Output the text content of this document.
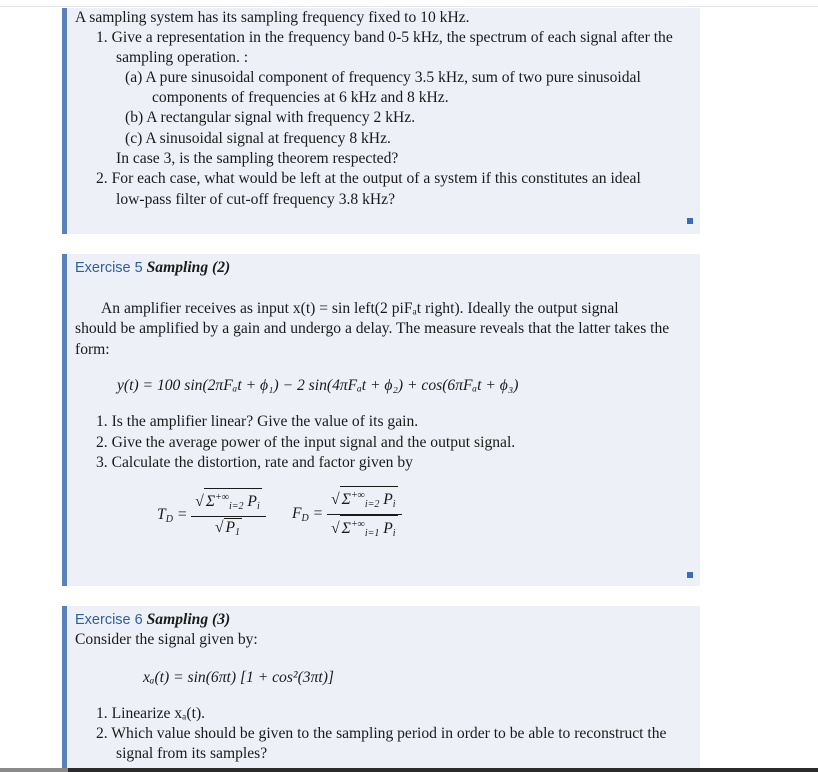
A sampling system has its sampling frequency fixed to 10 kHz.
1. Give a representation in the frequency band 0-5 kHz, the spectrum of each signal after the
sampling operation. :
(a) A pure sinusoidal component of frequency 3.5 kHz, sum of two pure sinusoidal
components of frequencies at 6 kHz and 8 kHz.
(b) A rectangular signal with frequency 2 kHz.
(c) A sinusoidal signal at frequency 8 kHz.
In case 3, is the sampling theorem respected?
2. For each case, what would be left at the output of a system if this constitutes an ideal
low-pass filter of cut-off frequency 3.8 kHz?
Exercise 5 Sampling (2)
An amplifier receives as input x(t) = sin left(2 piFₐt right). Ideally the output signal
should be amplified by a gain and undergo a delay. The measure reveals that the latter takes the
form:
y(t) = 100 sin(2πFₐt + ϕ₁) − 2 sin(4πFₐt + ϕ₂) + cos(6πFₐt + ϕ₃)
1. Is the amplifier linear? Give the value of its gain.
2. Give the average power of the input signal and the output signal.
3. Calculate the distortion, rate and factor given by
$T_D = \frac{√ \Sigma^{+\infty}_{i=2} P_i}{√ P_1} F_D = \frac{√ \Sigma^{+\infty}_{i=2} P_i}{√ \Sigma^{+\infty}_{i=1} P_i}$
Exercise 6 Sampling (3)
Consider the signal given by:
xₐ(t) = sin(6πt) [1 + cos²(3πt)]
1. Linearize xₐ(t).
2. Which value should be given to the sampling period in order to be able to reconstruct the
signal from its samples?
